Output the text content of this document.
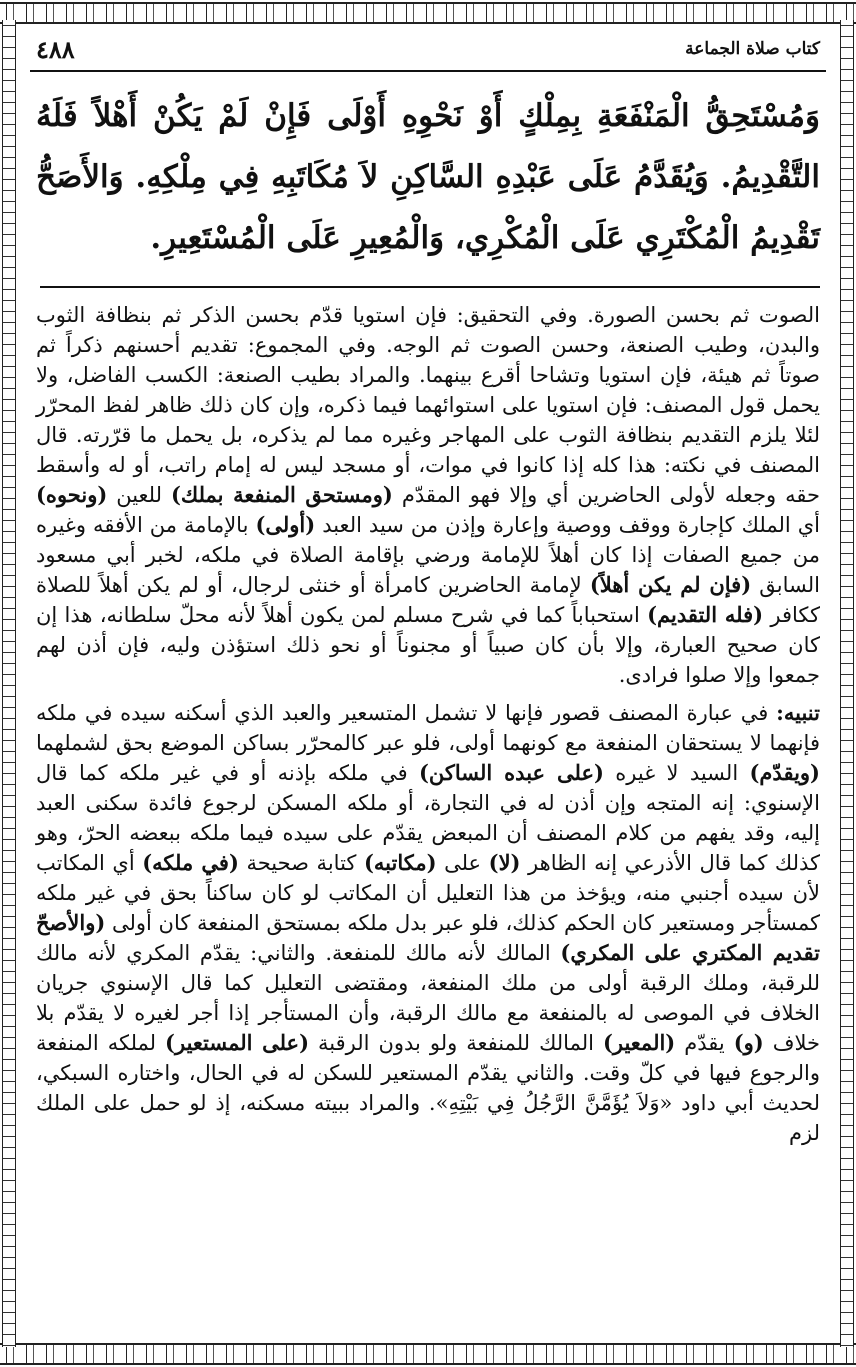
كتاب صلاة الجماعة
٤٨٨
وَمُسْتَحِقُّ الْمَنْفَعَةِ بِمِلْكٍ أَوْ نَحْوِهِ أَوْلَى فَإِنْ لَمْ يَكُنْ أَهْلاً فَلَهُ التَّقْدِيمُ. وَيُقَدَّمُ عَلَى عَبْدِهِ السَّاكِنِ لاَ مُكَاتَبِهِ فِي مِلْكِهِ. وَالأَصَحُّ تَقْدِيمُ الْمُكْتَرِي عَلَى الْمُكْرِي، وَالْمُعِيرِ عَلَى الْمُسْتَعِيرِ.

الصوت ثم بحسن الصورة. وفي التحقيق: فإن استويا قدّم بحسن الذكر ثم بنظافة الثوب والبدن، وطيب الصنعة، وحسن الصوت ثم الوجه. وفي المجموع: تقديم أحسنهم ذكراً ثم صوتاً ثم هيئة، فإن استويا وتشاحا أقرع بينهما. والمراد بطيب الصنعة: الكسب الفاضل، ولا يحمل قول المصنف: فإن استويا على استوائهما فيما ذكره، وإن كان ذلك ظاهر لفظ المحرّر لئلا يلزم التقديم بنظافة الثوب على المهاجر وغيره مما لم يذكره، بل يحمل ما قرّرته. قال المصنف في نكته: هذا كله إذا كانوا في موات، أو مسجد ليس له إمام راتب، أو له وأسقط حقه وجعله لأولى الحاضرين أي وإلا فهو المقدّم (ومستحق المنفعة بملك) للعين (ونحوه) أي الملك كإجارة ووقف ووصية وإعارة وإذن من سيد العبد (أولى) بالإمامة من الأفقه وغيره من جميع الصفات إذا كان أهلاً للإمامة ورضي بإقامة الصلاة في ملكه، لخبر أبي مسعود السابق (فإن لم يكن أهلاً) لإمامة الحاضرين كامرأة أو خنثى لرجال، أو لم يكن أهلاً للصلاة ككافر (فله التقديم) استحباباً كما في شرح مسلم لمن يكون أهلاً لأنه محلّ سلطانه، هذا إن كان صحيح العبارة، وإلا بأن كان صبياً أو مجنوناً أو نحو ذلك استؤذن وليه، فإن أذن لهم جمعوا وإلا صلوا فرادى.

تنبيه: في عبارة المصنف قصور فإنها لا تشمل المتسعير والعبد الذي أسكنه سيده في ملكه فإنهما لا يستحقان المنفعة مع كونهما أولى، فلو عبر كالمحرّر بساكن الموضع بحق لشملهما (ويقدّم) السيد لا غيره (على عبده الساكن) في ملكه بإذنه أو في غير ملكه كما قال الإسنوي: إنه المتجه وإن أذن له في التجارة، أو ملكه المسكن لرجوع فائدة سكنى العبد إليه، وقد يفهم من كلام المصنف أن المبعض يقدّم على سيده فيما ملكه ببعضه الحرّ، وهو كذلك كما قال الأذرعي إنه الظاهر (لا) على (مكاتبه) كتابة صحيحة (في ملكه) أي المكاتب لأن سيده أجنبي منه، ويؤخذ من هذا التعليل أن المكاتب لو كان ساكناً بحق في غير ملكه كمستأجر ومستعير كان الحكم كذلك، فلو عبر بدل ملكه بمستحق المنفعة كان أولى (والأصحّ تقديم المكتري على المكري) المالك لأنه مالك للمنفعة. والثاني: يقدّم المكري لأنه مالك للرقبة، وملك الرقبة أولى من ملك المنفعة، ومقتضى التعليل كما قال الإسنوي جريان الخلاف في الموصى له بالمنفعة مع مالك الرقبة، وأن المستأجر إذا أجر لغيره لا يقدّم بلا خلاف (و) يقدّم (المعير) المالك للمنفعة ولو بدون الرقبة (على المستعير) لملكه المنفعة والرجوع فيها في كلّ وقت. والثاني يقدّم المستعير للسكن له في الحال، واختاره السبكي، لحديث أبي داود «وَلاَ يُؤَمَّنَّ الرَّجُلُ فِي بَيْتِهِ». والمراد ببيته مسكنه، إذ لو حمل على الملك لزم
